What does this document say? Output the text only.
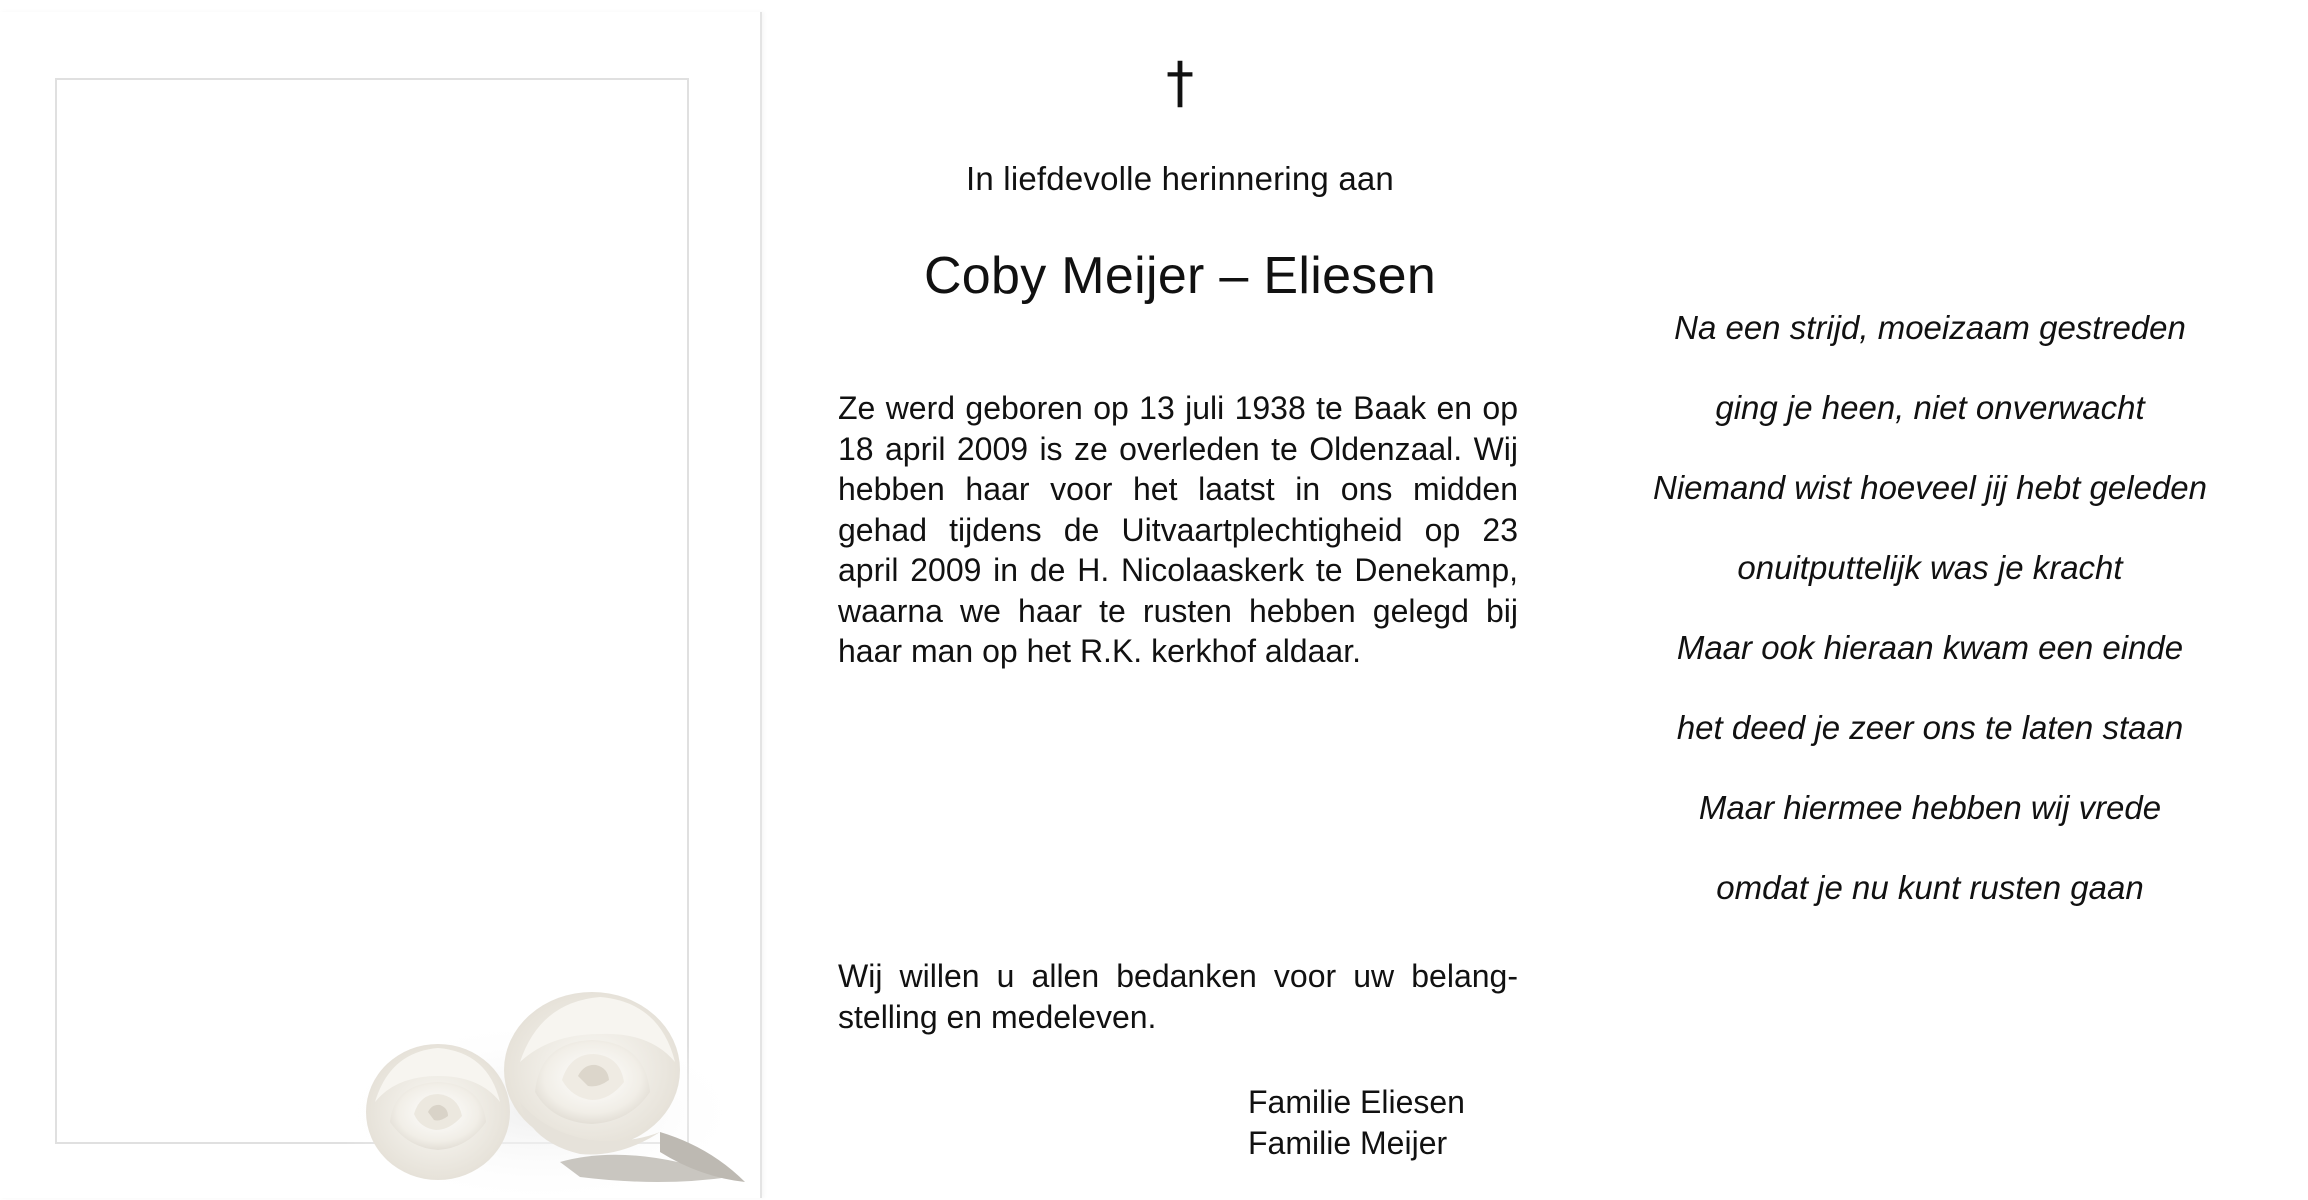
†
In liefdevolle herinnering aan
Coby Meijer – Eliesen

Ze werd geboren op 13 juli 1938 te Baak en op 18 april 2009 is ze overleden te Oldenzaal. Wij hebben haar voor het laatst in ons midden gehad tijdens de Uitvaartplechtigheid op 23 april 2009 in de H. Nicolaaskerk te Denekamp, waarna we haar te rusten hebben gelegd bij haar man op het R.K. kerkhof aldaar.

Wij willen u allen bedanken voor uw belang-stelling en medeleven.

Familie Eliesen
Familie Meijer
Na een strijd, moeizaam gestreden
ging je heen, niet onverwacht
Niemand wist hoeveel jij hebt geleden
onuitputtelijk was je kracht
Maar ook hieraan kwam een einde
het deed je zeer ons te laten staan
Maar hiermee hebben wij vrede
omdat je nu kunt rusten gaan
